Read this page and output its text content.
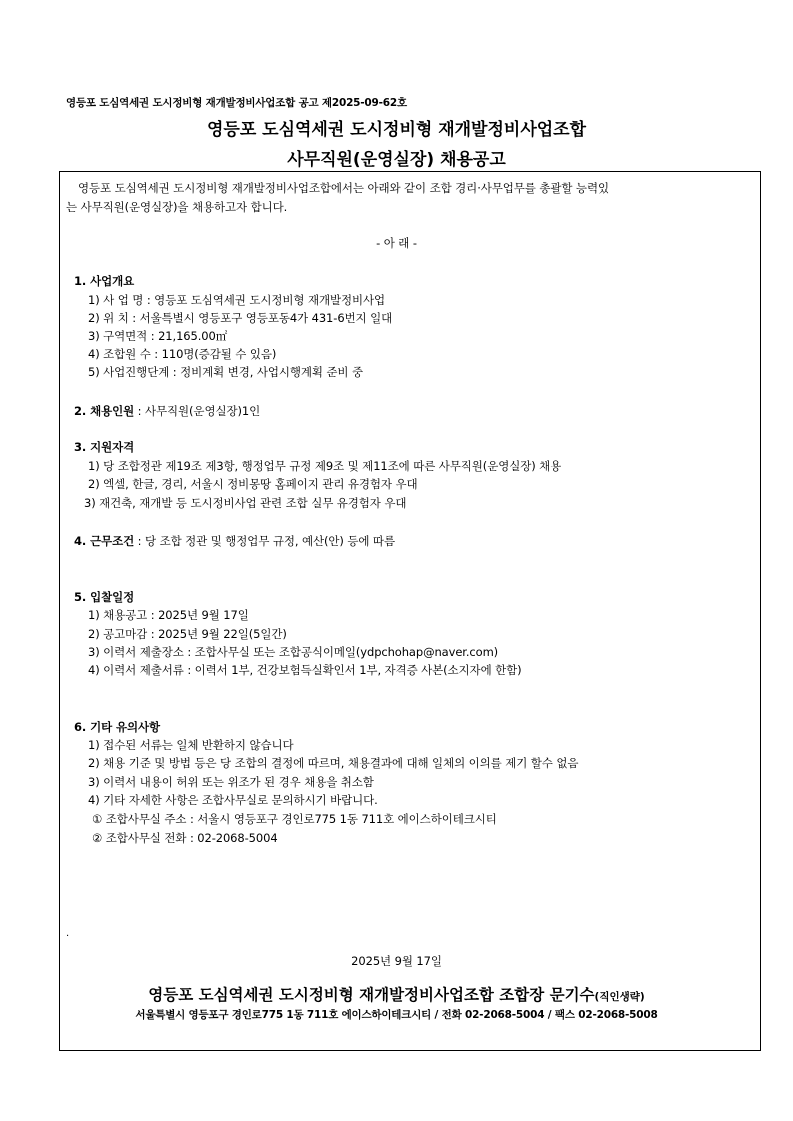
영등포 도심역세권 도시정비형 재개발정비사업조합 공고 제2025-09-62호
영등포 도심역세권 도시정비형 재개발정비사업조합
사무직원(운영실장) 채용공고
영등포 도심역세권 도시정비형 재개발정비사업조합에서는 아래와 같이 조합 경리·사무업무를 총괄할 능력있
는 사무직원(운영실장)을 채용하고자 합니다.
- 아 래 -
1. 사업개요
1) 사 업 명 : 영등포 도심역세권 도시정비형 재개발정비사업
2) 위 치 : 서울특별시 영등포구 영등포동4가 431-6번지 일대
3) 구역면적 : 21,165.00㎡
4) 조합원 수 : 110명(증감될 수 있음)
5) 사업진행단계 : 정비계획 변경, 사업시행계획 준비 중
2. 채용인원 : 사무직원(운영실장)1인
3. 지원자격
1) 당 조합정관 제19조 제3항, 행정업무 규정 제9조 및 제11조에 따른 사무직원(운영실장) 채용
2) 엑셀, 한글, 경리, 서울시 정비몽땅 홈페이지 관리 유경험자 우대
3) 재건축, 재개발 등 도시정비사업 관련 조합 실무 유경험자 우대
4. 근무조건 : 당 조합 정관 및 행정업무 규정, 예산(안) 등에 따름
5. 입찰일정
1) 채용공고 : 2025년 9월 17일
2) 공고마감 : 2025년 9월 22일(5일간)
3) 이력서 제출장소 : 조합사무실 또는 조합공식이메일(ydpchohap@naver.com)
4) 이력서 제출서류 : 이력서 1부, 건강보험득실확인서 1부, 자격증 사본(소지자에 한함)
6. 기타 유의사항
1) 접수된 서류는 일체 반환하지 않습니다
2) 채용 기준 및 방법 등은 당 조합의 결정에 따르며, 채용결과에 대해 일체의 이의를 제기 할수 없음
3) 이력서 내용이 허위 또는 위조가 된 경우 채용을 취소함
4) 기타 자세한 사항은 조합사무실로 문의하시기 바랍니다.
① 조합사무실 주소 : 서울시 영등포구 경인로775 1동 711호 에이스하이테크시티
② 조합사무실 전화 : 02-2068-5004
.
2025년 9월 17일
영등포 도심역세권 도시정비형 재개발정비사업조합 조합장 문기수(직인생략)
서울특별시 영등포구 경인로775 1동 711호 에이스하이테크시티 / 전화 02-2068-5004 / 팩스 02-2068-5008
